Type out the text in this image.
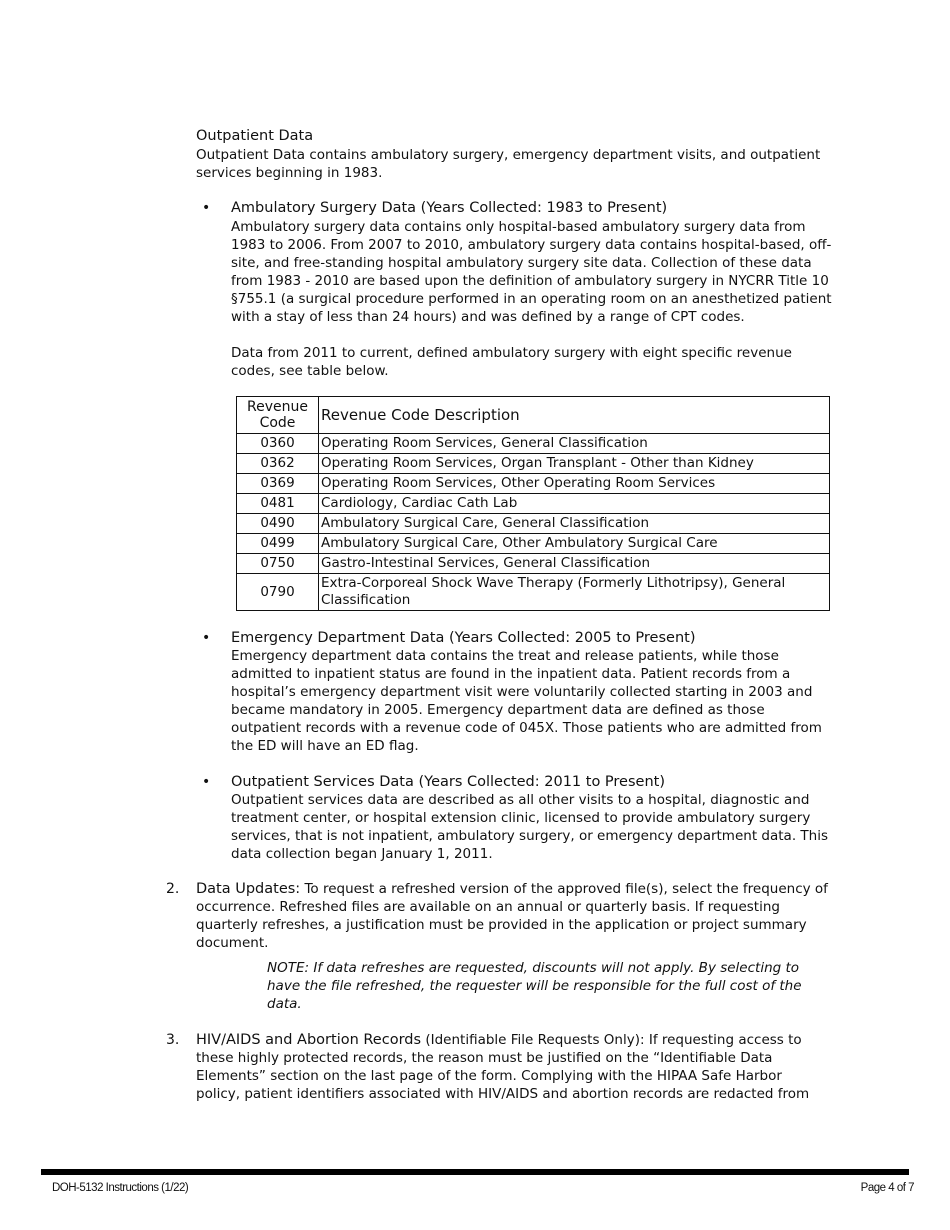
Outpatient Data
Outpatient Data contains ambulatory surgery, emergency department visits, and outpatient services beginning in 1983.
• Ambulatory Surgery Data (Years Collected: 1983 to Present)
Ambulatory surgery data contains only hospital-based ambulatory surgery data from 1983 to 2006. From 2007 to 2010, ambulatory surgery data contains hospital-based, off-site, and free-standing hospital ambulatory surgery site data. Collection of these data from 1983 - 2010 are based upon the definition of ambulatory surgery in NYCRR Title 10 §755.1 (a surgical procedure performed in an operating room on an anesthetized patient with a stay of less than 24 hours) and was defined by a range of CPT codes.
Data from 2011 to current, defined ambulatory surgery with eight specific revenue codes, see table below.
Revenue
Code	Revenue Code Description
0360	Operating Room Services, General Classification
0362	Operating Room Services, Organ Transplant - Other than Kidney
0369	Operating Room Services, Other Operating Room Services
0481	Cardiology, Cardiac Cath Lab
0490	Ambulatory Surgical Care, General Classification
0499	Ambulatory Surgical Care, Other Ambulatory Surgical Care
0750	Gastro-Intestinal Services, General Classification
0790	Extra-Corporeal Shock Wave Therapy (Formerly Lithotripsy), General Classification
• Emergency Department Data (Years Collected: 2005 to Present)
Emergency department data contains the treat and release patients, while those admitted to inpatient status are found in the inpatient data. Patient records from a hospital’s emergency department visit were voluntarily collected starting in 2003 and became mandatory in 2005. Emergency department data are defined as those outpatient records with a revenue code of 045X. Those patients who are admitted from the ED will have an ED flag.
• Outpatient Services Data (Years Collected: 2011 to Present)
Outpatient services data are described as all other visits to a hospital, diagnostic and treatment center, or hospital extension clinic, licensed to provide ambulatory surgery services, that is not inpatient, ambulatory surgery, or emergency department data. This data collection began January 1, 2011.
2. Data Updates: To request a refreshed version of the approved file(s), select the frequency of occurrence. Refreshed files are available on an annual or quarterly basis. If requesting quarterly refreshes, a justification must be provided in the application or project summary document.
NOTE: If data refreshes are requested, discounts will not apply. By selecting to have the file refreshed, the requester will be responsible for the full cost of the data.
3. HIV/AIDS and Abortion Records (Identifiable File Requests Only): If requesting access to these highly protected records, the reason must be justified on the “Identifiable Data Elements” section on the last page of the form. Complying with the HIPAA Safe Harbor policy, patient identifiers associated with HIV/AIDS and abortion records are redacted from
DOH-5132 Instructions (1/22)	Page 4 of 7
